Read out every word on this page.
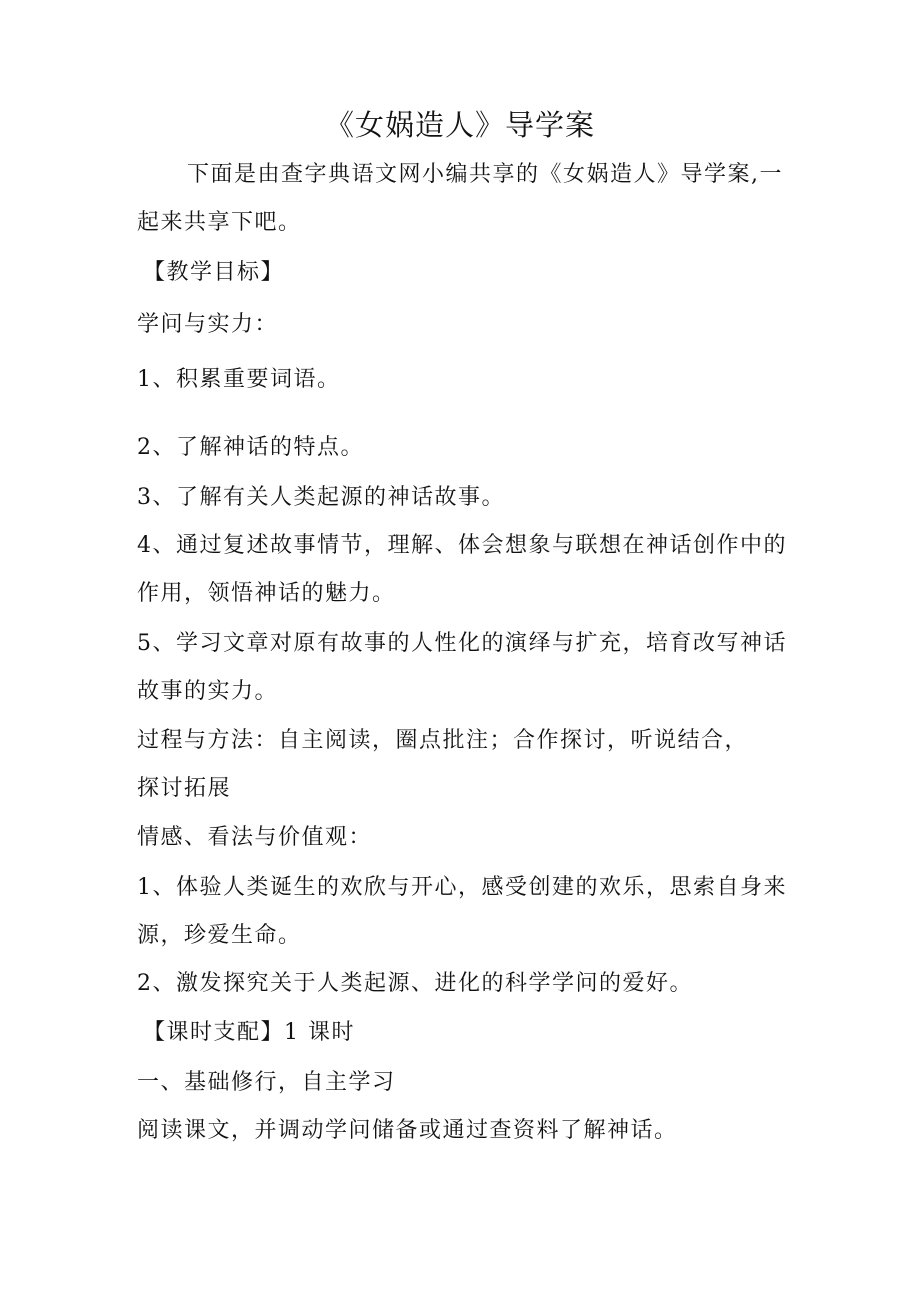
《女娲造人》导学案
下面是由查字典语文网小编共享的《女娲造人》导学案,一
起来共享下吧。
【教学目标】
学问与实力：
1、积累重要词语。
2、了解神话的特点。
3、了解有关人类起源的神话故事。
4、通过复述故事情节，理解、体会想象与联想在神话创作中的
作用，领悟神话的魅力。
5、学习文章对原有故事的人性化的演绎与扩充，培育改写神话
故事的实力。
过程与方法：自主阅读，圈点批注；合作探讨，听说结合，
探讨拓展
情感、看法与价值观：
1、体验人类诞生的欢欣与开心，感受创建的欢乐，思索自身来
源，珍爱生命。
2、激发探究关于人类起源、进化的科学学问的爱好。
【课时支配】1 课时
一、基础修行，自主学习
阅读课文，并调动学问储备或通过查资料了解神话。
